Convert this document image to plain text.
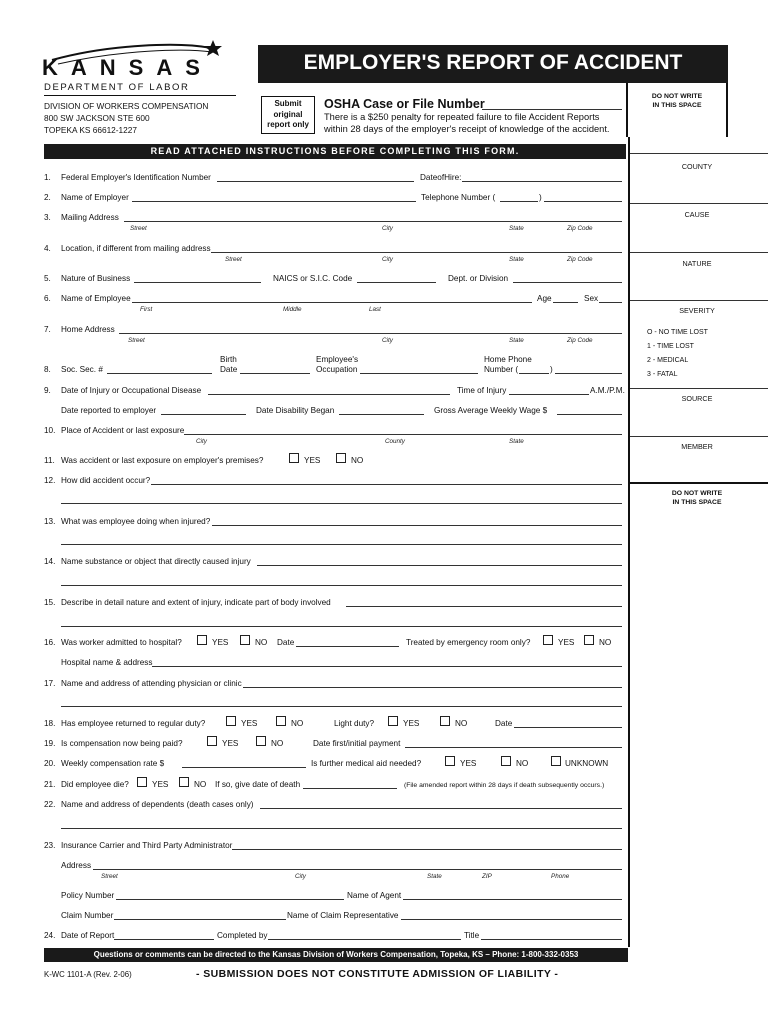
KANSAS
DEPARTMENT OF LABOR
DIVISION OF WORKERS COMPENSATION
800 SW JACKSON STE 600
TOPEKA KS 66612-1227
EMPLOYER'S REPORT OF ACCIDENT
Submit
original
report only
OSHA Case or File Number
There is a $250 penalty for repeated failure to file Accident Reports
within 28 days of the employer's receipt of knowledge of the accident.
DO NOT WRITE
IN THIS SPACE
READ ATTACHED INSTRUCTIONS BEFORE COMPLETING THIS FORM.
COUNTY
CAUSE
NATURE
SEVERITY
O - NO TIME LOST
1 - TIME LOST
2 - MEDICAL
3 - FATAL
SOURCE
MEMBER
DO NOT WRITE
IN THIS SPACE
1. Federal Employer's Identification Number	DateofHire:
2. Name of Employer	Telephone Number (	)
3. Mailing Address
Street	City	State	Zip Code
4. Location, if different from mailing address
Street	City	State	Zip Code
5. Nature of Business	NAICS or S.I.C. Code	Dept. or Division
6. Name of Employee	Age	Sex
First	Middle	Last
7. Home Address
Street	City	State	Zip Code
Birth	Employee's	Home Phone
8. Soc. Sec. #	Date	Occupation	Number (	)
9. Date of Injury or Occupational Disease	Time of Injury	A.M./P.M.
Date reported to employer	Date Disability Began	Gross Average Weekly Wage $
10. Place of Accident or last exposure
City	County	State
11. Was accident or last exposure on employer's premises?	YES	NO
12. How did accident occur?
13. What was employee doing when injured?
14. Name substance or object that directly caused injury
15. Describe in detail nature and extent of injury, indicate part of body involved
16. Was worker admitted to hospital?	YES	NO Date	Treated by emergency room only?	YES	NO
Hospital name & address
17. Name and address of attending physician or clinic
18. Has employee returned to regular duty?	YES	NO	Light duty?	YES	NO	Date
19. Is compensation now being paid?	YES	NO	Date first/initial payment
20. Weekly compensation rate $	Is further medical aid needed?	YES	NO	UNKNOWN
21. Did employee die?	YES	NO If so, give date of death	(File amended report within 28 days if death subsequently occurs.)
22. Name and address of dependents (death cases only)
23. Insurance Carrier and Third Party Administrator
Address
Street	City	State	ZIP	Phone
Policy Number	Name of Agent
Claim Number	Name of Claim Representative
24. Date of Report	Completed by	Title
Questions or comments can be directed to the Kansas Division of Workers Compensation, Topeka, KS – Phone: 1-800-332-0353
K-WC 1101-A (Rev. 2-06)	- SUBMISSION DOES NOT CONSTITUTE ADMISSION OF LIABILITY -
